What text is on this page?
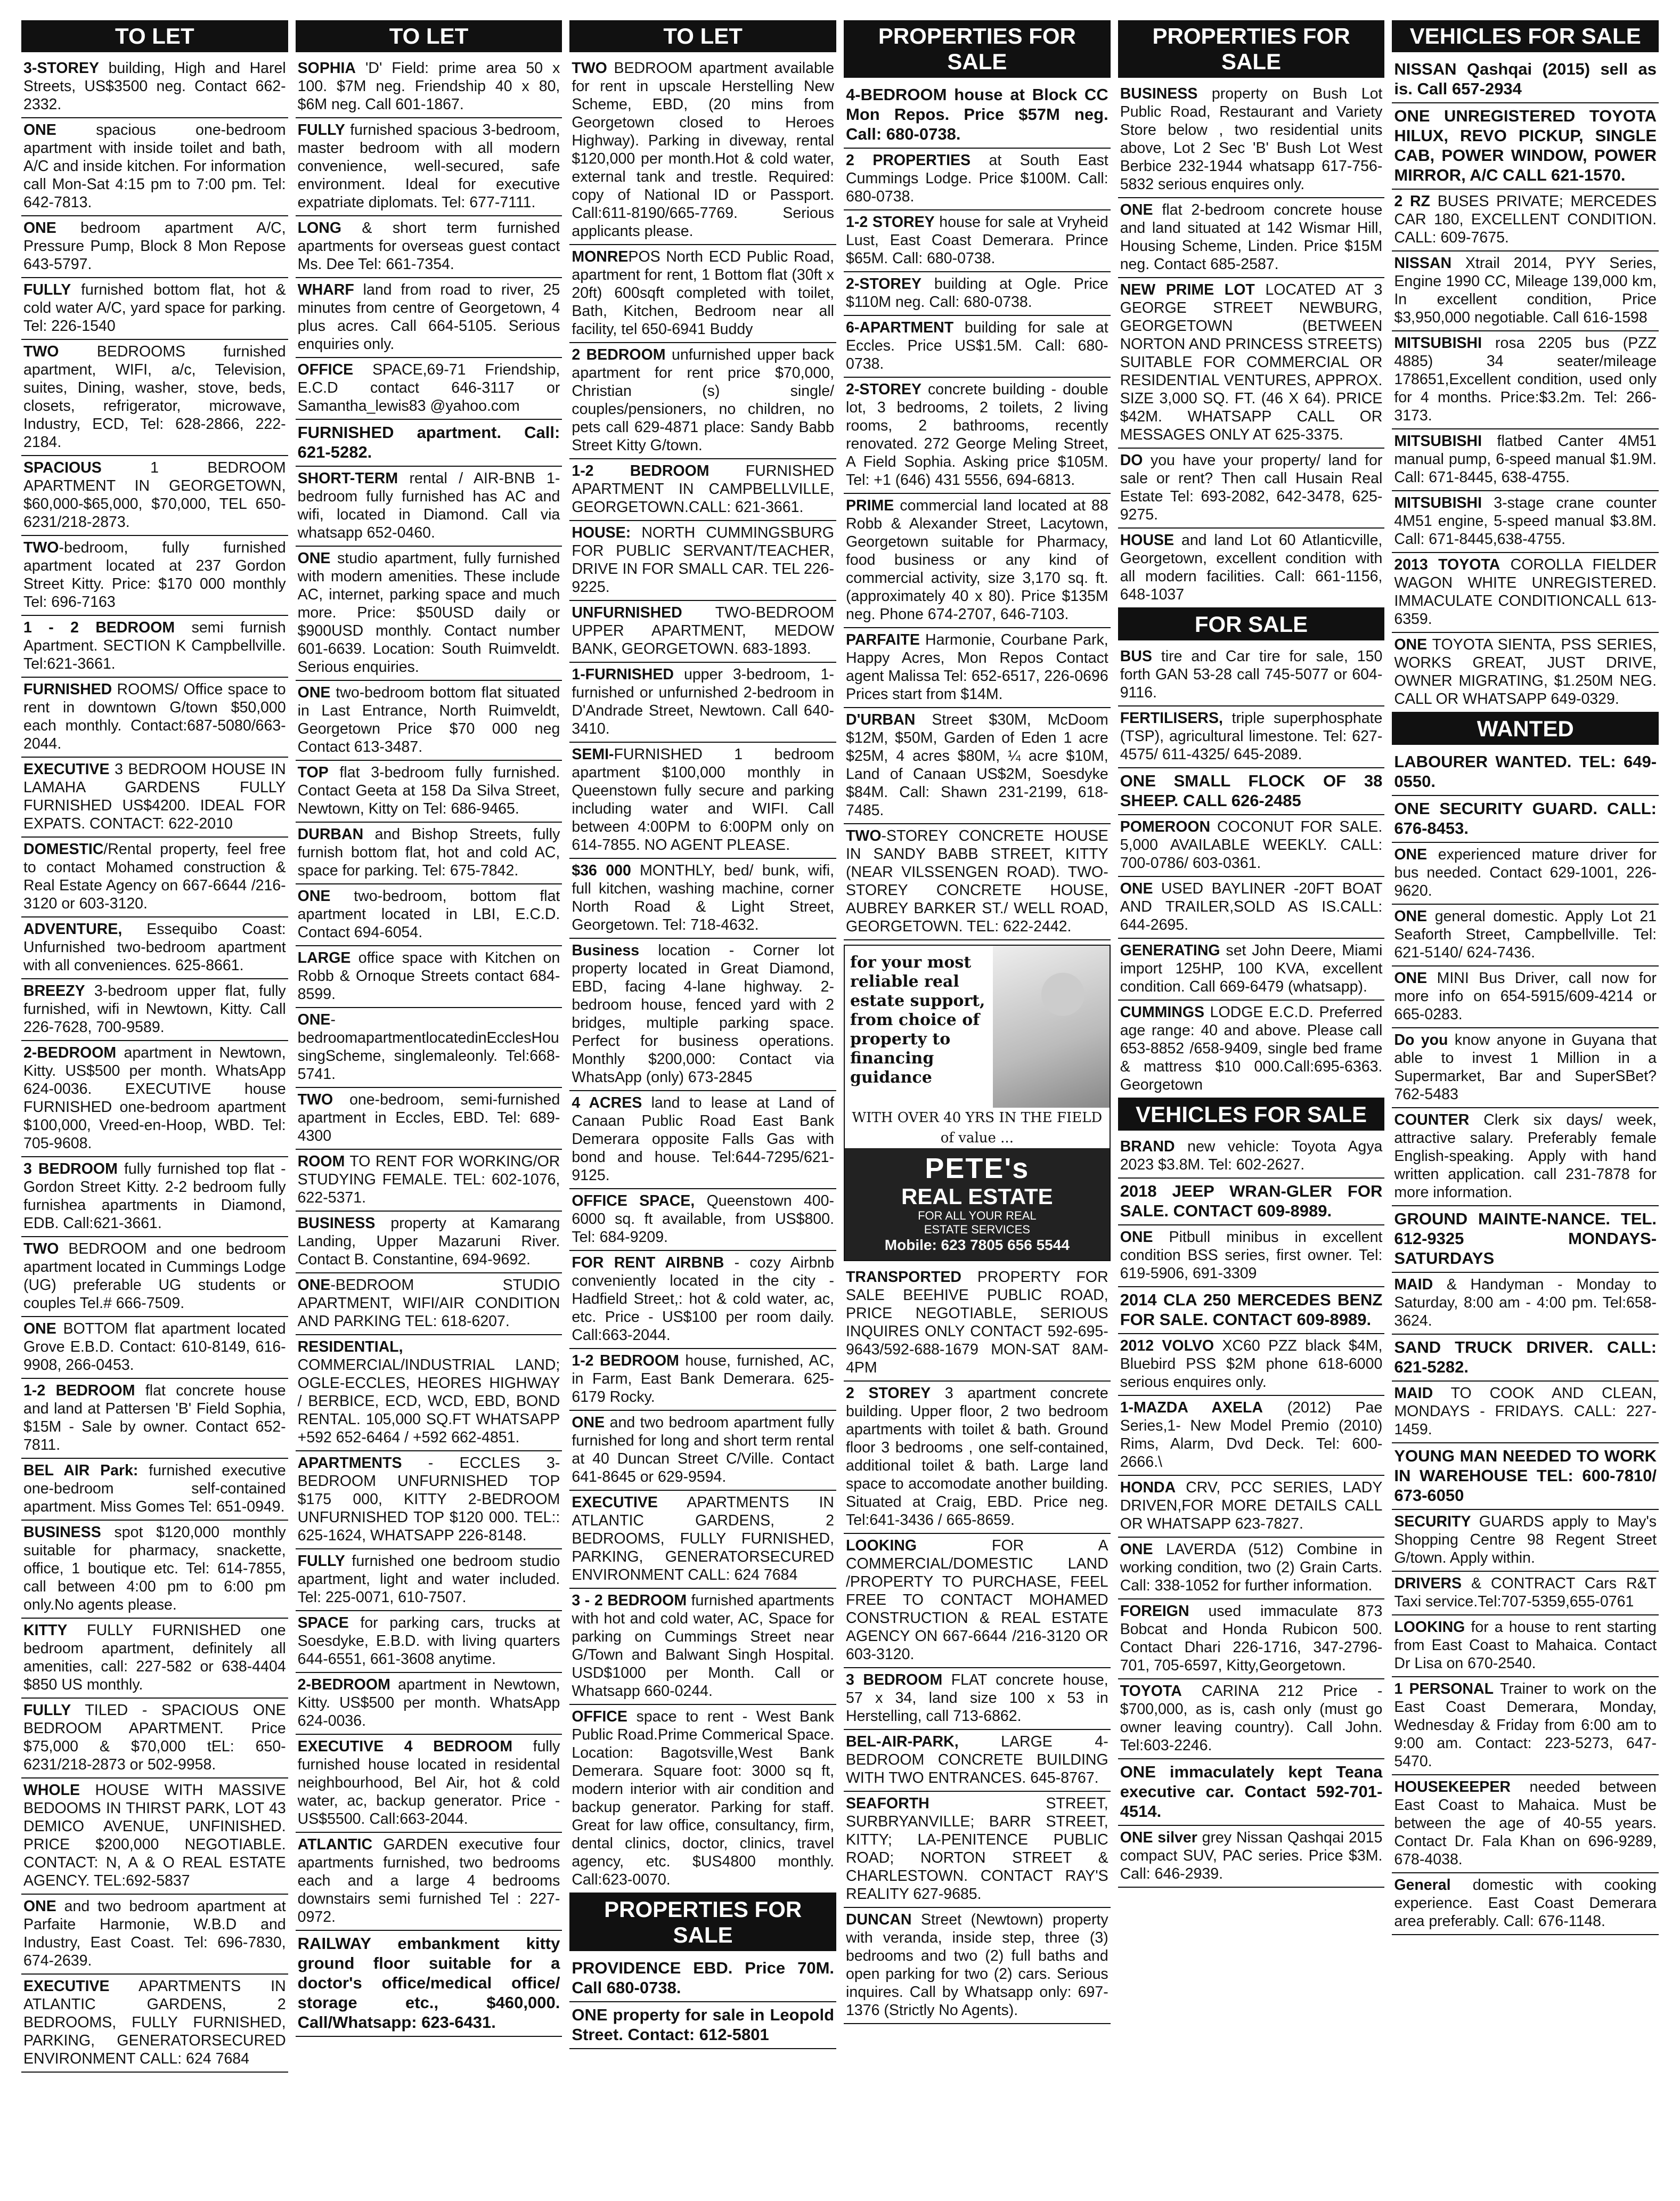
TO LET
3-STOREY building, High and Harel Streets, US$3500 neg. Contact 662-2332.
ONE spacious one-bedroom apartment with inside toilet and bath, A/C and inside kitchen. For information call Mon-Sat 4:15 pm to 7:00 pm. Tel: 642-7813.
ONE bedroom apartment A/C, Pressure Pump, Block 8 Mon Repose 643-5797.
FULLY furnished bottom flat, hot & cold water A/C, yard space for parking. Tel: 226-1540
TWO BEDROOMS furnished apartment, WIFI, a/c, Television, suites, Dining, washer, stove, beds, closets, refrigerator, microwave, Industry, ECD, Tel: 628-2866, 222-2184.
SPACIOUS 1 BEDROOM APARTMENT IN GEORGETOWN, $60,000-$65,000, $70,000, TEL 650-6231/218-2873.
TWO-bedroom, fully furnished apartment located at 237 Gordon Street Kitty. Price: $170 000 monthly Tel: 696-7163
1 - 2 BEDROOM semi furnish Apartment. SECTION K Campbellville. Tel:621-3661.
FURNISHED ROOMS/ Office space to rent in downtown G/town $50,000 each monthly. Contact:687-5080/663-2044.
EXECUTIVE 3 BEDROOM HOUSE IN LAMAHA GARDENS FULLY FURNISHED US$4200. IDEAL FOR EXPATS. CONTACT: 622-2010
DOMESTIC/Rental property, feel free to contact Mohamed construction & Real Estate Agency on 667-6644 /216-3120 or 603-3120.
ADVENTURE, Essequibo Coast: Unfurnished two-bedroom apartment with all conveniences. 625-8661.
BREEZY 3-bedroom upper flat, fully furnished, wifi in Newtown, Kitty. Call 226-7628, 700-9589.
2-BEDROOM apartment in Newtown, Kitty. US$500 per month. WhatsApp 624-0036. EXECUTIVE house FURNISHED one-bedroom apartment $100,000, Vreed-en-Hoop, WBD. Tel: 705-9608.
3 BEDROOM fully furnished top flat - Gordon Street Kitty. 2-2 bedroom fully furnishea apartments in Diamond, EDB. Call:621-3661.
TWO BEDROOM and one bedroom apartment located in Cummings Lodge (UG) preferable UG students or couples Tel.# 666-7509.
ONE BOTTOM flat apartment located Grove E.B.D. Contact: 610-8149, 616-9908, 266-0453.
1-2 BEDROOM flat concrete house and land at Pattersen 'B' Field Sophia, $15M - Sale by owner. Contact 652-7811.
BEL AIR Park: furnished executive one-bedroom self-contained apartment. Miss Gomes Tel: 651-0949.
BUSINESS spot $120,000 monthly suitable for pharmacy, snackette, office, 1 boutique etc. Tel: 614-7855, call between 4:00 pm to 6:00 pm only.No agents please.
KITTY FULLY FURNISHED one bedroom apartment, definitely all amenities, call: 227-582 or 638-4404 $850 US monthly.
FULLY TILED - SPACIOUS ONE BEDROOM APARTMENT. Price $75,000 & $70,000 tEL: 650-6231/218-2873 or 502-9958.
WHOLE HOUSE WITH MASSIVE BEDOOMS IN THIRST PARK, LOT 43 DEMICO AVENUE, UNFINISHED. PRICE $200,000 NEGOTIABLE. CONTACT: N, A & O REAL ESTATE AGENCY. TEL:692-5837
ONE and two bedroom apartment at Parfaite Harmonie, W.B.D and Industry, East Coast. Tel: 696-7830, 674-2639.
EXECUTIVE APARTMENTS IN ATLANTIC GARDENS, 2 BEDROOMS, FULLY FURNISHED, PARKING, GENERATORSECURED ENVIRONMENT CALL: 624 7684
TO LET
SOPHIA 'D' Field: prime area 50 x 100. $7M neg. Friendship 40 x 80, $6M neg. Call 601-1867.
FULLY furnished spacious 3-bedroom, master bedroom with all modern convenience, well-secured, safe environment. Ideal for executive expatriate diplomats. Tel: 677-7111.
LONG & short term furnished apartments for overseas guest contact Ms. Dee Tel: 661-7354.
WHARF land from road to river, 25 minutes from centre of Georgetown, 4 plus acres. Call 664-5105. Serious enquiries only.
OFFICE SPACE,69-71 Friendship, E.C.D contact 646-3117 or Samantha_lewis83 @yahoo.com
FURNISHED apartment. Call: 621-5282.
SHORT-TERM rental / AIR-BNB 1-bedroom fully furnished has AC and wifi, located in Diamond. Call via whatsapp 652-0460.
ONE studio apartment, fully furnished with modern amenities. These include AC, internet, parking space and much more. Price: $50USD daily or $900USD monthly. Contact number 601-6639. Location: South Ruimveldt. Serious enquiries.
ONE two-bedroom bottom flat situated in Last Entrance, North Ruimveldt, Georgetown Price $70 000 neg Contact 613-3487.
TOP flat 3-bedroom fully furnished. Contact Geeta at 158 Da Silva Street, Newtown, Kitty on Tel: 686-9465.
DURBAN and Bishop Streets, fully furnish bottom flat, hot and cold AC, space for parking. Tel: 675-7842.
ONE two-bedroom, bottom flat apartment located in LBI, E.C.D. Contact 694-6054.
LARGE office space with Kitchen on Robb & Ornoque Streets contact 684-8599.
ONE-bedroomapartmentlocatedinEcclesHousingScheme, singlemaleonly. Tel:668-5741.
TWO one-bedroom, semi-furnished apartment in Eccles, EBD. Tel: 689-4300
ROOM TO RENT FOR WORKING/OR STUDYING FEMALE. TEL: 602-1076, 622-5371.
BUSINESS property at Kamarang Landing, Upper Mazaruni River. Contact B. Constantine, 694-9692.
ONE-BEDROOM STUDIO APARTMENT, WIFI/AIR CONDITION AND PARKING TEL: 618-6207.
RESIDENTIAL, COMMERCIAL/INDUSTRIAL LAND; OGLE-ECCLES, HEORES HIGHWAY / BERBICE, ECD, WCD, EBD, BOND RENTAL. 105,000 SQ.FT WHATSAPP +592 652-6464 / +592 662-4851.
APARTMENTS - ECCLES 3-BEDROOM UNFURNISHED TOP $175 000, KITTY 2-BEDROOM UNFURNISHED TOP $120 000. TEL:: 625-1624, WHATSAPP 226-8148.
FULLY furnished one bedroom studio apartment, light and water included. Tel: 225-0071, 610-7507.
SPACE for parking cars, trucks at Soesdyke, E.B.D. with living quarters 644-6551, 661-3608 anytime.
2-BEDROOM apartment in Newtown, Kitty. US$500 per month. WhatsApp 624-0036.
EXECUTIVE 4 BEDROOM fully furnished house located in residental neighbourhood, Bel Air, hot & cold water, ac, backup generator. Price - US$5500. Call:663-2044.
ATLANTIC GARDEN executive four apartments furnished, two bedrooms each and a large 4 bedrooms downstairs semi furnished Tel : 227-0972.
RAILWAY embankment kitty ground floor suitable for a doctor's office/medical office/ storage etc., $460,000. Call/Whatsapp: 623-6431.
TO LET
TWO BEDROOM apartment available for rent in upscale Herstelling New Scheme, EBD, (20 mins from Georgetown closed to Heroes Highway). Parking in diveway, rental $120,000 per month.Hot & cold water, external tank and trestle. Required: copy of National ID or Passport. Call:611-8190/665-7769. Serious applicants please.
MONREPOS North ECD Public Road, apartment for rent, 1 Bottom flat (30ft x 20ft) 600sqft completed with toilet, Bath, Kitchen, Bedroom near all facility, tel 650-6941 Buddy
2 BEDROOM unfurnished upper back apartment for rent price $70,000, Christian (s) single/ couples/pensioners, no children, no pets call 629-4871 place: Sandy Babb Street Kitty G/town.
1-2 BEDROOM FURNISHED APARTMENT IN CAMPBELLVILLE, GEORGETOWN.CALL: 621-3661.
HOUSE: NORTH CUMMINGSBURG FOR PUBLIC SERVANT/TEACHER, DRIVE IN FOR SMALL CAR. TEL 226-9225.
UNFURNISHED TWO-BEDROOM UPPER APARTMENT, MEDOW BANK, GEORGETOWN. 683-1893.
1-FURNISHED upper 3-bedroom, 1-furnished or unfurnished 2-bedroom in D'Andrade Street, Newtown. Call 640-3410.
SEMI-FURNISHED 1 bedroom apartment $100,000 monthly in Queenstown fully secure and parking including water and WIFI. Call between 4:00PM to 6:00PM only on 614-7855. NO AGENT PLEASE.
$36 000 MONTHLY, bed/ bunk, wifi, full kitchen, washing machine, corner North Road & Light Street, Georgetown. Tel: 718-4632.
Business location - Corner lot property located in Great Diamond, EBD, facing 4-lane highway. 2-bedroom house, fenced yard with 2 bridges, multiple parking space. Perfect for business operations. Monthly $200,000: Contact via WhatsApp (only) 673-2845
4 ACRES land to lease at Land of Canaan Public Road East Bank Demerara opposite Falls Gas with bond and house. Tel:644-7295/621-9125.
OFFICE SPACE, Queenstown 400-6000 sq. ft available, from US$800. Tel: 684-9209.
FOR RENT AIRBNB - cozy Airbnb conveniently located in the city - Hadfield Street,: hot & cold water, ac, etc. Price - US$100 per room daily. Call:663-2044.
1-2 BEDROOM house, furnished, AC, in Farm, East Bank Demerara. 625-6179 Rocky.
ONE and two bedroom apartment fully furnished for long and short term rental at 40 Duncan Street C/Ville. Contact 641-8645 or 629-9594.
EXECUTIVE APARTMENTS IN ATLANTIC GARDENS, 2 BEDROOMS, FULLY FURNISHED, PARKING, GENERATORSECURED ENVIRONMENT CALL: 624 7684
3 - 2 BEDROOM furnished apartments with hot and cold water, AC, Space for parking on Cummings Street near G/Town and Balwant Singh Hospital. USD$1000 per Month. Call or Whatsapp 660-0244.
OFFICE space to rent - West Bank Public Road.Prime Commerical Space. Location: Bagotsville,West Bank Demerara. Square foot: 3000 sq ft, modern interior with air condition and backup generator. Parking for staff. Great for law office, consultancy, firm, dental clinics, doctor, clinics, travel agency, etc. $US4800 monthly. Call:623-0070.
PROPERTIES FOR SALE
PROVIDENCE EBD. Price 70M. Call 680-0738.
ONE property for sale in Leopold Street. Contact: 612-5801
PROPERTIES FOR SALE
4-BEDROOM house at Block CC Mon Repos. Price $57M neg. Call: 680-0738.
2 PROPERTIES at South East Cummings Lodge. Price $100M. Call: 680-0738.
1-2 STOREY house for sale at Vryheid Lust, East Coast Demerara. Prince $65M. Call: 680-0738.
2-STOREY building at Ogle. Price $110M neg. Call: 680-0738.
6-APARTMENT building for sale at Eccles. Price US$1.5M. Call: 680-0738.
2-STOREY concrete building - double lot, 3 bedrooms, 2 toilets, 2 living rooms, 2 bathrooms, recently renovated. 272 George Meling Street, A Field Sophia. Asking price $105M. Tel: +1 (646) 431 5556, 694-6813.
PRIME commercial land located at 88 Robb & Alexander Street, Lacytown, Georgetown suitable for Pharmacy, food business or any kind of commercial activity, size 3,170 sq. ft. (approximately 40 x 80). Price $135M neg. Phone 674-2707, 646-7103.
PARFAITE Harmonie, Courbane Park, Happy Acres, Mon Repos Contact agent Malissa Tel: 652-6517, 226-0696 Prices start from $14M.
D'URBAN Street $30M, McDoom $12M, $50M, Garden of Eden 1 acre $25M, 4 acres $80M, ¼ acre $10M, Land of Canaan US$2M, Soesdyke $84M. Call: Shawn 231-2199, 618-7485.
TWO-STOREY CONCRETE HOUSE IN SANDY BABB STREET, KITTY (NEAR VILSSENGEN ROAD). TWO-STOREY CONCRETE HOUSE, AUBREY BARKER ST./ WELL ROAD, GEORGETOWN. TEL: 622-2442.
for your most reliable real estate support, from choice of property to financing guidance
WITH OVER 40 YRS IN THE FIELD
of value ...
PETE's
REAL ESTATE
FOR ALL YOUR REAL
ESTATE SERVICES
Mobile: 623 7805 656 5544
TRANSPORTED PROPERTY FOR SALE BEEHIVE PUBLIC ROAD, PRICE NEGOTIABLE, SERIOUS INQUIRES ONLY CONTACT 592-695-9643/592-688-1679 MON-SAT 8AM-4PM
2 STOREY 3 apartment concrete building. Upper floor, 2 two bedroom apartments with toilet & bath. Ground floor 3 bedrooms , one self-contained, additional toilet & bath. Large land space to accomodate another building. Situated at Craig, EBD. Price neg. Tel:641-3436 / 665-8659.
LOOKING FOR A COMMERCIAL/DOMESTIC LAND /PROPERTY TO PURCHASE, FEEL FREE TO CONTACT MOHAMED CONSTRUCTION & REAL ESTATE AGENCY ON 667-6644 /216-3120 OR 603-3120.
3 BEDROOM FLAT concrete house, 57 x 34, land size 100 x 53 in Herstelling, call 713-6862.
BEL-AIR-PARK, LARGE 4-BEDROOM CONCRETE BUILDING WITH TWO ENTRANCES. 645-8767.
SEAFORTH STREET, SURBRYANVILLE; BARR STREET, KITTY; LA-PENITENCE PUBLIC ROAD; NORTON STREET & CHARLESTOWN. CONTACT RAY'S REALITY 627-9685.
DUNCAN Street (Newtown) property with veranda, inside step, three (3) bedrooms and two (2) full baths and open parking for two (2) cars. Serious inquires. Call by Whatsapp only: 697-1376 (Strictly No Agents).
PROPERTIES FOR SALE
BUSINESS property on Bush Lot Public Road, Restaurant and Variety Store below , two residential units above, Lot 2 Sec 'B' Bush Lot West Berbice 232-1944 whatsapp 617-756-5832 serious enquires only.
ONE flat 2-bedroom concrete house and land situated at 142 Wismar Hill, Housing Scheme, Linden. Price $15M neg. Contact 685-2587.
NEW PRIME LOT LOCATED AT 3 GEORGE STREET NEWBURG, GEORGETOWN (BETWEEN NORTON AND PRINCESS STREETS) SUITABLE FOR COMMERCIAL OR RESIDENTIAL VENTURES, APPROX. SIZE 3,000 SQ. FT. (46 X 64). PRICE $42M. WHATSAPP CALL OR MESSAGES ONLY AT 625-3375.
DO you have your property/ land for sale or rent? Then call Husain Real Estate Tel: 693-2082, 642-3478, 625-9275.
HOUSE and land Lot 60 Atlanticville, Georgetown, excellent condition with all modern facilities. Call: 661-1156, 648-1037
FOR SALE
BUS tire and Car tire for sale, 150 forth GAN 53-28 call 745-5077 or 604-9116.
FERTILISERS, triple superphosphate (TSP), agricultural limestone. Tel: 627-4575/ 611-4325/ 645-2089.
ONE SMALL FLOCK OF 38 SHEEP. CALL 626-2485
POMEROON COCONUT FOR SALE. 5,000 AVAILABLE WEEKLY. CALL: 700-0786/ 603-0361.
ONE USED BAYLINER -20FT BOAT AND TRAILER,SOLD AS IS.CALL: 644-2695.
GENERATING set John Deere, Miami import 125HP, 100 KVA, excellent condition. Call 669-6479 (whatsapp).
CUMMINGS LODGE E.C.D. Preferred age range: 40 and above. Please call 653-8852 /658-9409, single bed frame & mattress $10 000.Call:695-6363. Georgetown
VEHICLES FOR SALE
BRAND new vehicle: Toyota Agya 2023 $3.8M. Tel: 602-2627.
2018 JEEP WRAN-GLER FOR SALE. CONTACT 609-8989.
ONE Pitbull minibus in excellent condition BSS series, first owner. Tel: 619-5906, 691-3309
2014 CLA 250 MERCEDES BENZ FOR SALE. CONTACT 609-8989.
2012 VOLVO XC60 PZZ black $4M, Bluebird PSS $2M phone 618-6000 serious enquires only.
1-MAZDA AXELA (2012) Pae Series,1- New Model Premio (2010) Rims, Alarm, Dvd Deck. Tel: 600-2666.\
HONDA CRV, PCC SERIES, LADY DRIVEN,FOR MORE DETAILS CALL OR WHATSAPP 623-7827.
ONE LAVERDA (512) Combine in working condition, two (2) Grain Carts. Call: 338-1052 for further information.
FOREIGN used immaculate 873 Bobcat and Honda Rubicon 500. Contact Dhari 226-1716, 347-2796-701, 705-6597, Kitty,Georgetown.
TOYOTA CARINA 212 Price - $700,000, as is, cash only (must go owner leaving country). Call John. Tel:603-2246.
ONE immaculately kept Teana executive car. Contact 592-701-4514.
ONE silver grey Nissan Qashqai 2015 compact SUV, PAC series. Price $3M. Call: 646-2939.
VEHICLES FOR SALE
NISSAN Qashqai (2015) sell as is. Call 657-2934
ONE UNREGISTERED TOYOTA HILUX, REVO PICKUP, SINGLE CAB, POWER WINDOW, POWER MIRROR, A/C CALL 621-1570.
2 RZ BUSES PRIVATE; MERCEDES CAR 180, EXCELLENT CONDITION. CALL: 609-7675.
NISSAN Xtrail 2014, PYY Series, Engine 1990 CC, Mileage 139,000 km, In excellent condition, Price $3,950,000 negotiable. Call 616-1598
MITSUBISHI rosa 2205 bus (PZZ 4885) 34 seater/mileage 178651,Excellent condition, used only for 4 months. Price:$3.2m. Tel: 266-3173.
MITSUBISHI flatbed Canter 4M51 manual pump, 6-speed manual $1.9M. Call: 671-8445, 638-4755.
MITSUBISHI 3-stage crane counter 4M51 engine, 5-speed manual $3.8M. Call: 671-8445,638-4755.
2013 TOYOTA COROLLA FIELDER WAGON WHITE UNREGISTERED. IMMACULATE CONDITIONCALL 613-6359.
ONE TOYOTA SIENTA, PSS SERIES, WORKS GREAT, JUST DRIVE, OWNER MIGRATING, $1.250M NEG. CALL OR WHATSAPP 649-0329.
WANTED
LABOURER WANTED. TEL: 649-0550.
ONE SECURITY GUARD. CALL: 676-8453.
ONE experienced mature driver for bus needed. Contact 629-1001, 226-9620.
ONE general domestic. Apply Lot 21 Seaforth Street, Campbellville. Tel: 621-5140/ 624-7436.
ONE MINI Bus Driver, call now for more info on 654-5915/609-4214 or 665-0283.
Do you know anyone in Guyana that able to invest 1 Million in a Supermarket, Bar and SuperSBet? 762-5483
COUNTER Clerk six days/ week, attractive salary. Preferably female English-speaking. Apply with hand written application. call 231-7878 for more information.
GROUND MAINTE-NANCE. TEL. 612-9325 MONDAYS-SATURDAYS
MAID & Handyman - Monday to Saturday, 8:00 am - 4:00 pm. Tel:658-3624.
SAND TRUCK DRIVER. CALL: 621-5282.
MAID TO COOK AND CLEAN, MONDAYS - FRIDAYS. CALL: 227-1459.
YOUNG MAN NEEDED TO WORK IN WAREHOUSE TEL: 600-7810/ 673-6050
SECURITY GUARDS apply to May's Shopping Centre 98 Regent Street G/town. Apply within.
DRIVERS & CONTRACT Cars R&T Taxi service.Tel:707-5359,655-0761
LOOKING for a house to rent starting from East Coast to Mahaica. Contact Dr Lisa on 670-2540.
1 PERSONAL Trainer to work on the East Coast Demerara, Monday, Wednesday & Friday from 6:00 am to 9:00 am. Contact: 223-5273, 647-5470.
HOUSEKEEPER needed between East Coast to Mahaica. Must be between the age of 40-55 years. Contact Dr. Fala Khan on 696-9289, 678-4038.
General domestic with cooking experience. East Coast Demerara area preferably. Call: 676-1148.
